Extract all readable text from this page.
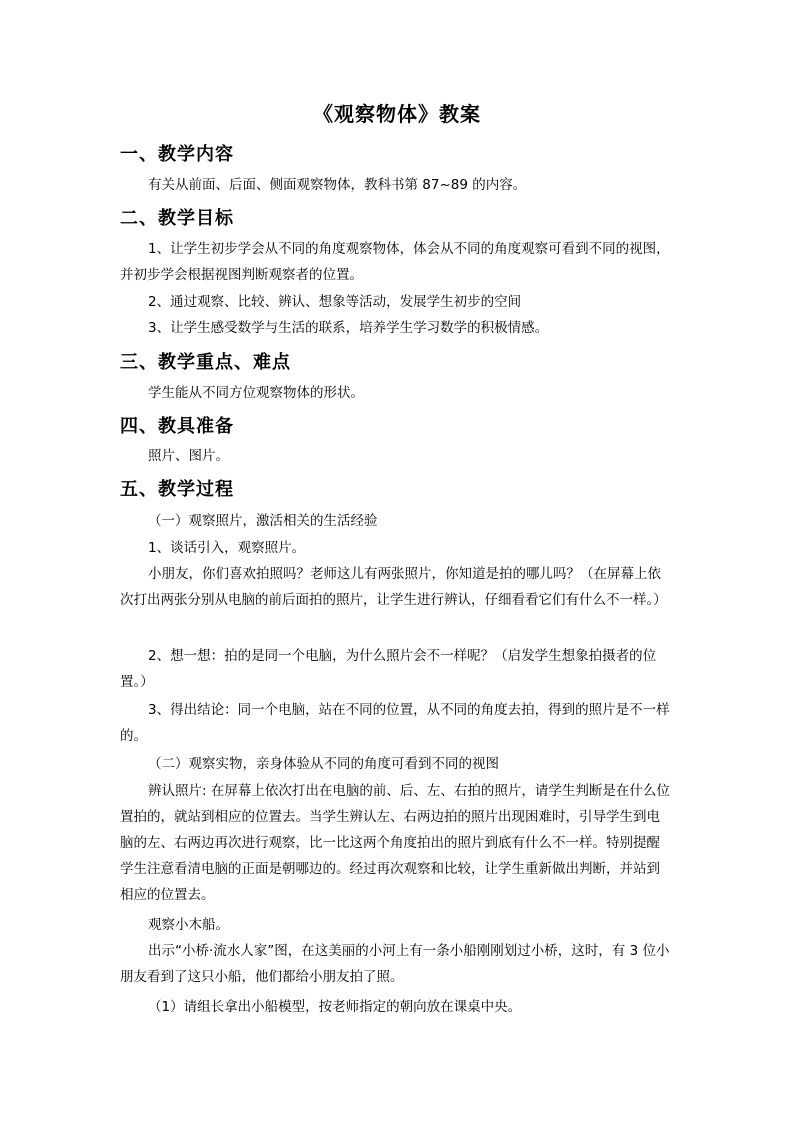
《观察物体》教案
一、教学内容
有关从前面、后面、侧面观察物体，教科书第 87~89 的内容。
二、教学目标
1、让学生初步学会从不同的角度观察物体，体会从不同的角度观察可看到不同的视图，并初步学会根据视图判断观察者的位置。
2、通过观察、比较、辨认、想象等活动，发展学生初步的空间
3、让学生感受数学与生活的联系，培养学生学习数学的积极情感。
三、教学重点、难点
学生能从不同方位观察物体的形状。
四、教具准备
照片、图片。
五、教学过程
（一）观察照片，激活相关的生活经验
1、谈话引入，观察照片。
小朋友，你们喜欢拍照吗？老师这儿有两张照片，你知道是拍的哪儿吗？（在屏幕上依次打出两张分别从电脑的前后面拍的照片，让学生进行辨认，仔细看看它们有什么不一样。）
2、想一想：拍的是同一个电脑，为什么照片会不一样呢？（启发学生想象拍摄者的位置。）
3、得出结论：同一个电脑，站在不同的位置，从不同的角度去拍，得到的照片是不一样的。
（二）观察实物，亲身体验从不同的角度可看到不同的视图
辨认照片: 在屏幕上依次打出在电脑的前、后、左、右拍的照片，请学生判断是在什么位置拍的，就站到相应的位置去。当学生辨认左、右两边拍的照片出现困难时，引导学生到电脑的左、右两边再次进行观察，比一比这两个角度拍出的照片到底有什么不一样。特别提醒学生注意看清电脑的正面是朝哪边的。经过再次观察和比较，让学生重新做出判断，并站到相应的位置去。
观察小木船。
出示“小桥·流水人家”图，在这美丽的小河上有一条小船刚刚划过小桥，这时，有 3 位小朋友看到了这只小船，他们都给小朋友拍了照。
（1）请组长拿出小船模型，按老师指定的朝向放在课桌中央。
